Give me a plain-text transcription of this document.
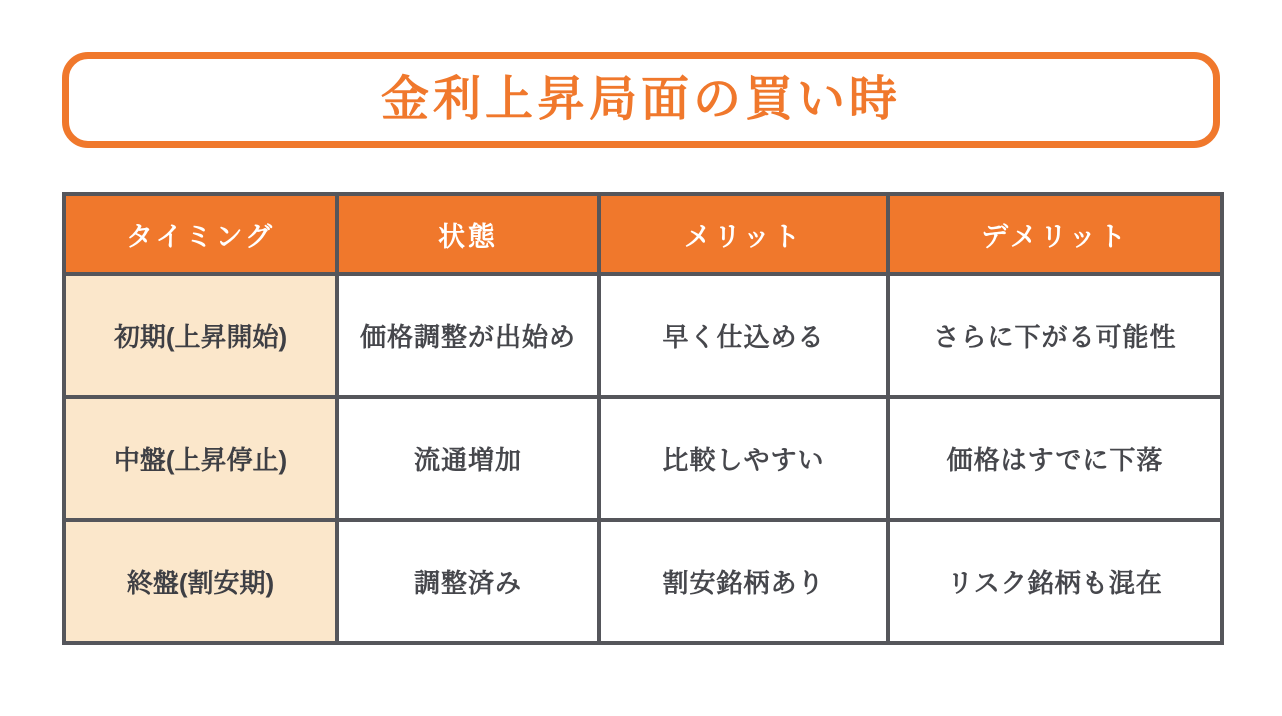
金利上昇局面の買い時
タイミング	状態	メリット	デメリット
初期(上昇開始)	価格調整が出始め	早く仕込める	さらに下がる可能性
中盤(上昇停止)	流通増加	比較しやすい	価格はすでに下落
終盤(割安期)	調整済み	割安銘柄あり	リスク銘柄も混在
